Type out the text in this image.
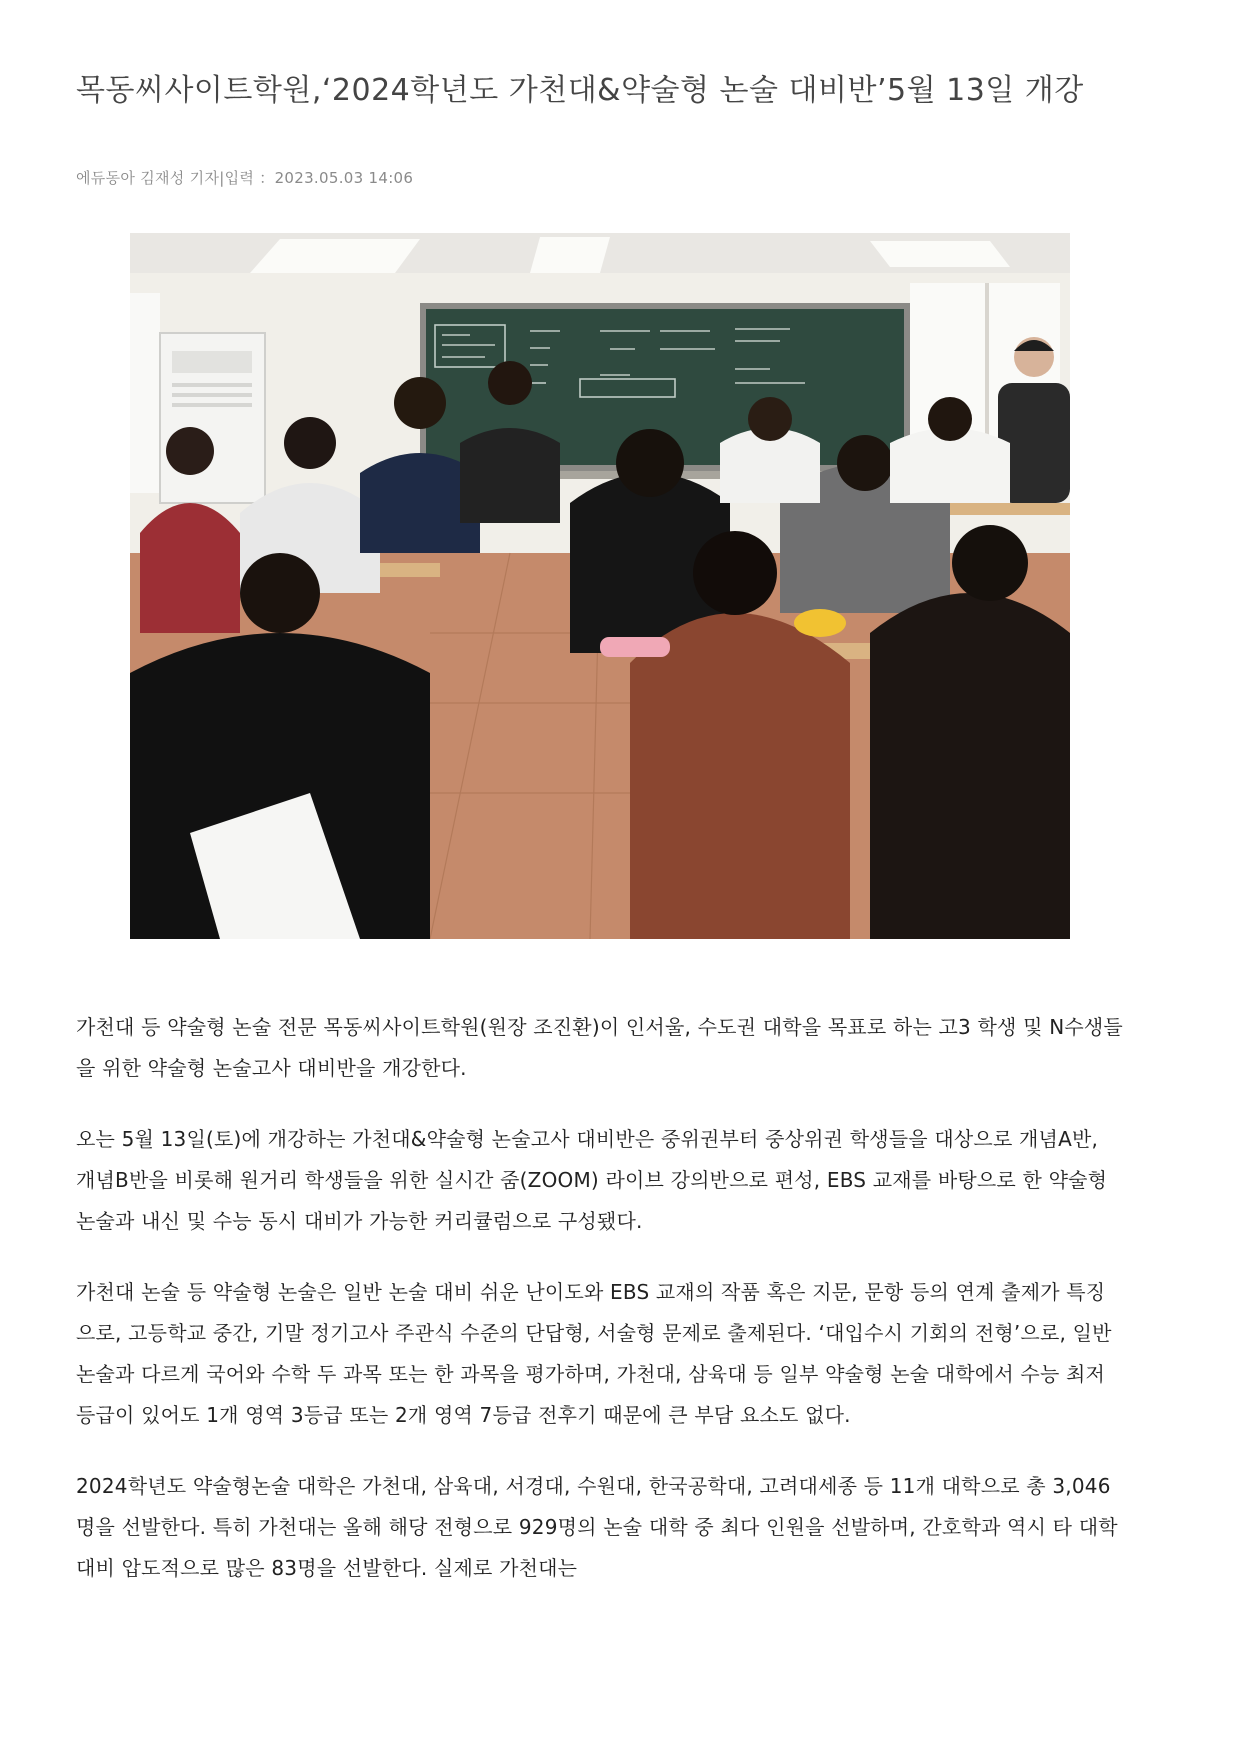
목동씨사이트학원,‘2024학년도 가천대&약술형 논술 대비반’5월 13일 개강
에듀동아 김재성 기자|입력 ：2023.05.03 14:06

가천대 등 약술형 논술 전문 목동씨사이트학원(원장 조진환)이 인서울, 수도권 대학을 목표로 하는 고3 학생 및 N수생들을 위한 약술형 논술고사 대비반을 개강한다.

오는 5월 13일(토)에 개강하는 가천대&약술형 논술고사 대비반은 중위권부터 중상위권 학생들을 대상으로 개념A반, 개념B반을 비롯해 원거리 학생들을 위한 실시간 줌(ZOOM) 라이브 강의반으로 편성, EBS 교재를 바탕으로 한 약술형 논술과 내신 및 수능 동시 대비가 가능한 커리큘럼으로 구성됐다.

가천대 논술 등 약술형 논술은 일반 논술 대비 쉬운 난이도와 EBS 교재의 작품 혹은 지문, 문항 등의 연계 출제가 특징으로, 고등학교 중간, 기말 정기고사 주관식 수준의 단답형, 서술형 문제로 출제된다. ‘대입수시 기회의 전형’으로, 일반 논술과 다르게 국어와 수학 두 과목 또는 한 과목을 평가하며, 가천대, 삼육대 등 일부 약술형 논술 대학에서 수능 최저등급이 있어도 1개 영역 3등급 또는 2개 영역 7등급 전후기 때문에 큰 부담 요소도 없다.

2024학년도 약술형논술 대학은 가천대, 삼육대, 서경대, 수원대, 한국공학대, 고려대세종 등 11개 대학으로 총 3,046명을 선발한다. 특히 가천대는 올해 해당 전형으로 929명의 논술 대학 중 최다 인원을 선발하며, 간호학과 역시 타 대학 대비 압도적으로 많은 83명을 선발한다. 실제로 가천대는
